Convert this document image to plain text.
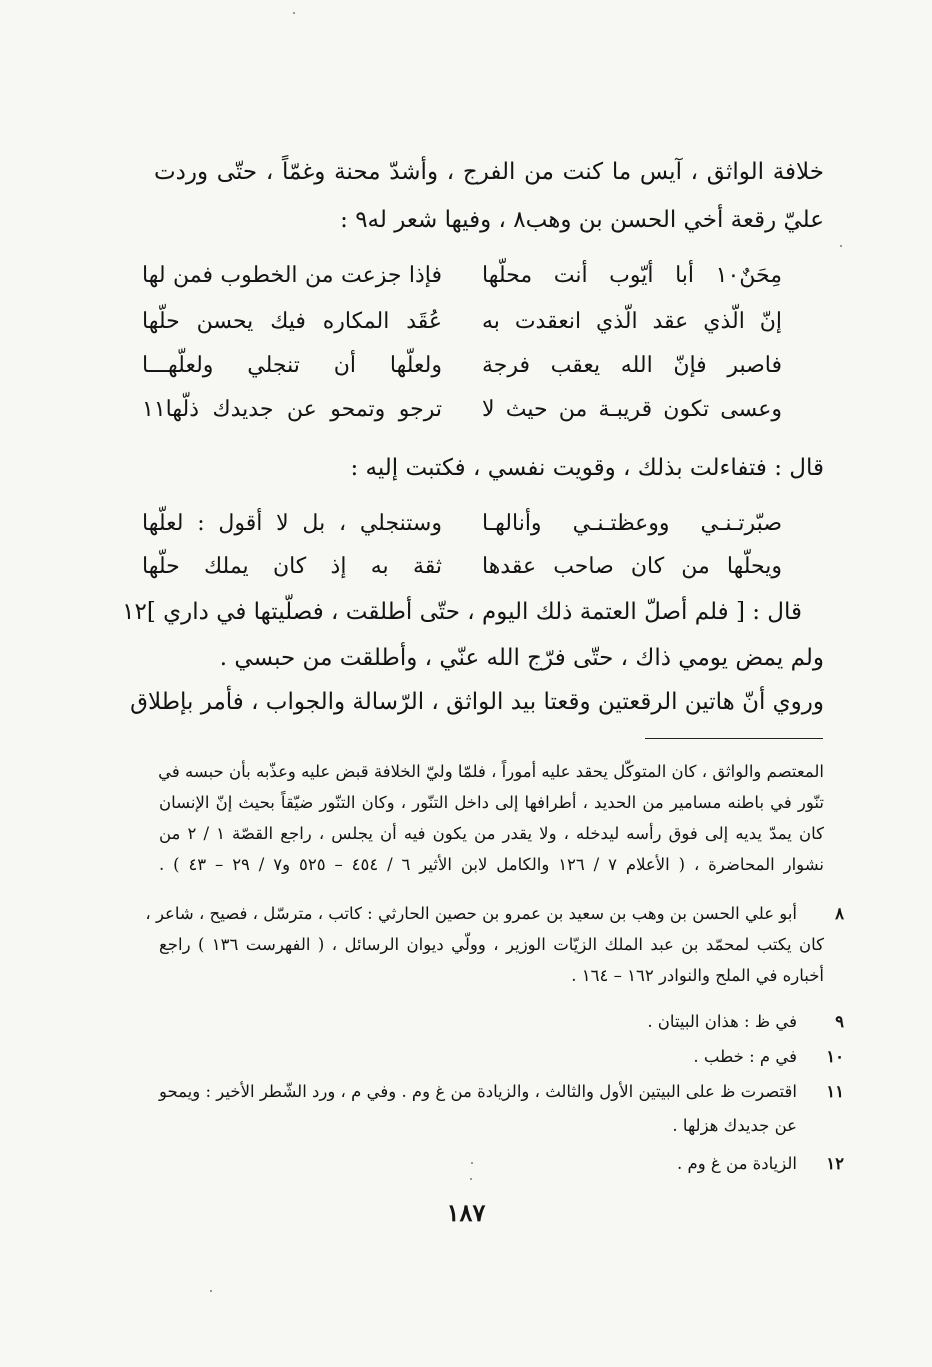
خلافة الواثق ، آيس ما كنت من الفرج ، وأشدّ محنة وغمّاً ، حتّى وردت
عليّ رقعة أخي الحسن بن وهب٨ ، وفيها شعر له٩ :
مِحَنٌ١٠ أبا أيّوب أنت محلّها
فإذا جزعت من الخطوب فمن لها
إنّ الّذي عقد الّذي انعقدت به
عُقَد المكاره فيك يحسن حلّها
فاصبر فإنّ الله يعقب فرجة
ولعلّها أن تنجلي ولعلّهـــا
وعسى تكون قريبـة من حيث لا
ترجو وتمحو عن جديدك ذلّها١١
قال : فتفاءلت بذلك ، وقويت نفسي ، فكتبت إليه :
صبّرتـنـي ووعظتـنـي وأنالهـا
وستنجلي ، بل لا أقول : لعلّها
ويحلّها من كان صاحب عقدها
ثقة به إذ كان يملك حلّها
قال : [ فلم أصلّ العتمة ذلك اليوم ، حتّى أطلقت ، فصلّيتها في داري ]١٢
ولم يمض يومي ذاك ، حتّى فرّج الله عنّي ، وأطلقت من حبسي .
وروي أنّ هاتين الرقعتين وقعتا بيد الواثق ، الرّسالة والجواب ، فأمر بإطلاق
المعتصم والواثق ، كان المتوكّل يحقد عليه أموراً ، فلمّا وليّ الخلافة قبض عليه وعذّبه بأن حبسه في
تنّور في باطنه مسامير من الحديد ، أطرافها إلى داخل التنّور ، وكان التنّور ضيّقاً بحيث إنّ الإنسان
كان يمدّ يديه إلى فوق رأسه ليدخله ، ولا يقدر من يكون فيه أن يجلس ، راجع القصّة ١ / ٢ من
نشوار المحاضرة ، ( الأعلام ٧ / ١٢٦ والكامل لابن الأثير ٦ / ٤٥٤ – ٥٢٥ و٧ / ٢٩ – ٤٣ ) .
٨
أبو علي الحسن بن وهب بن سعيد بن عمرو بن حصين الحارثي : كاتب ، مترسّل ، فصيح ، شاعر ،
كان يكتب لمحمّد بن عبد الملك الزيّات الوزير ، وولّي ديوان الرسائل ، ( الفهرست ١٣٦ ) راجع
أخباره في الملح والنوادر ١٦٢ – ١٦٤ .
٩
في ظ : هذان البيتان .
١٠
في م : خطب .
١١
اقتصرت ظ على البيتين الأول والثالث ، والزيادة من غ وم . وفي م ، ورد الشّطر الأخير : ويمحو
عن جديدك هزلها .
١٢
الزيادة من غ وم .
١٨٧
